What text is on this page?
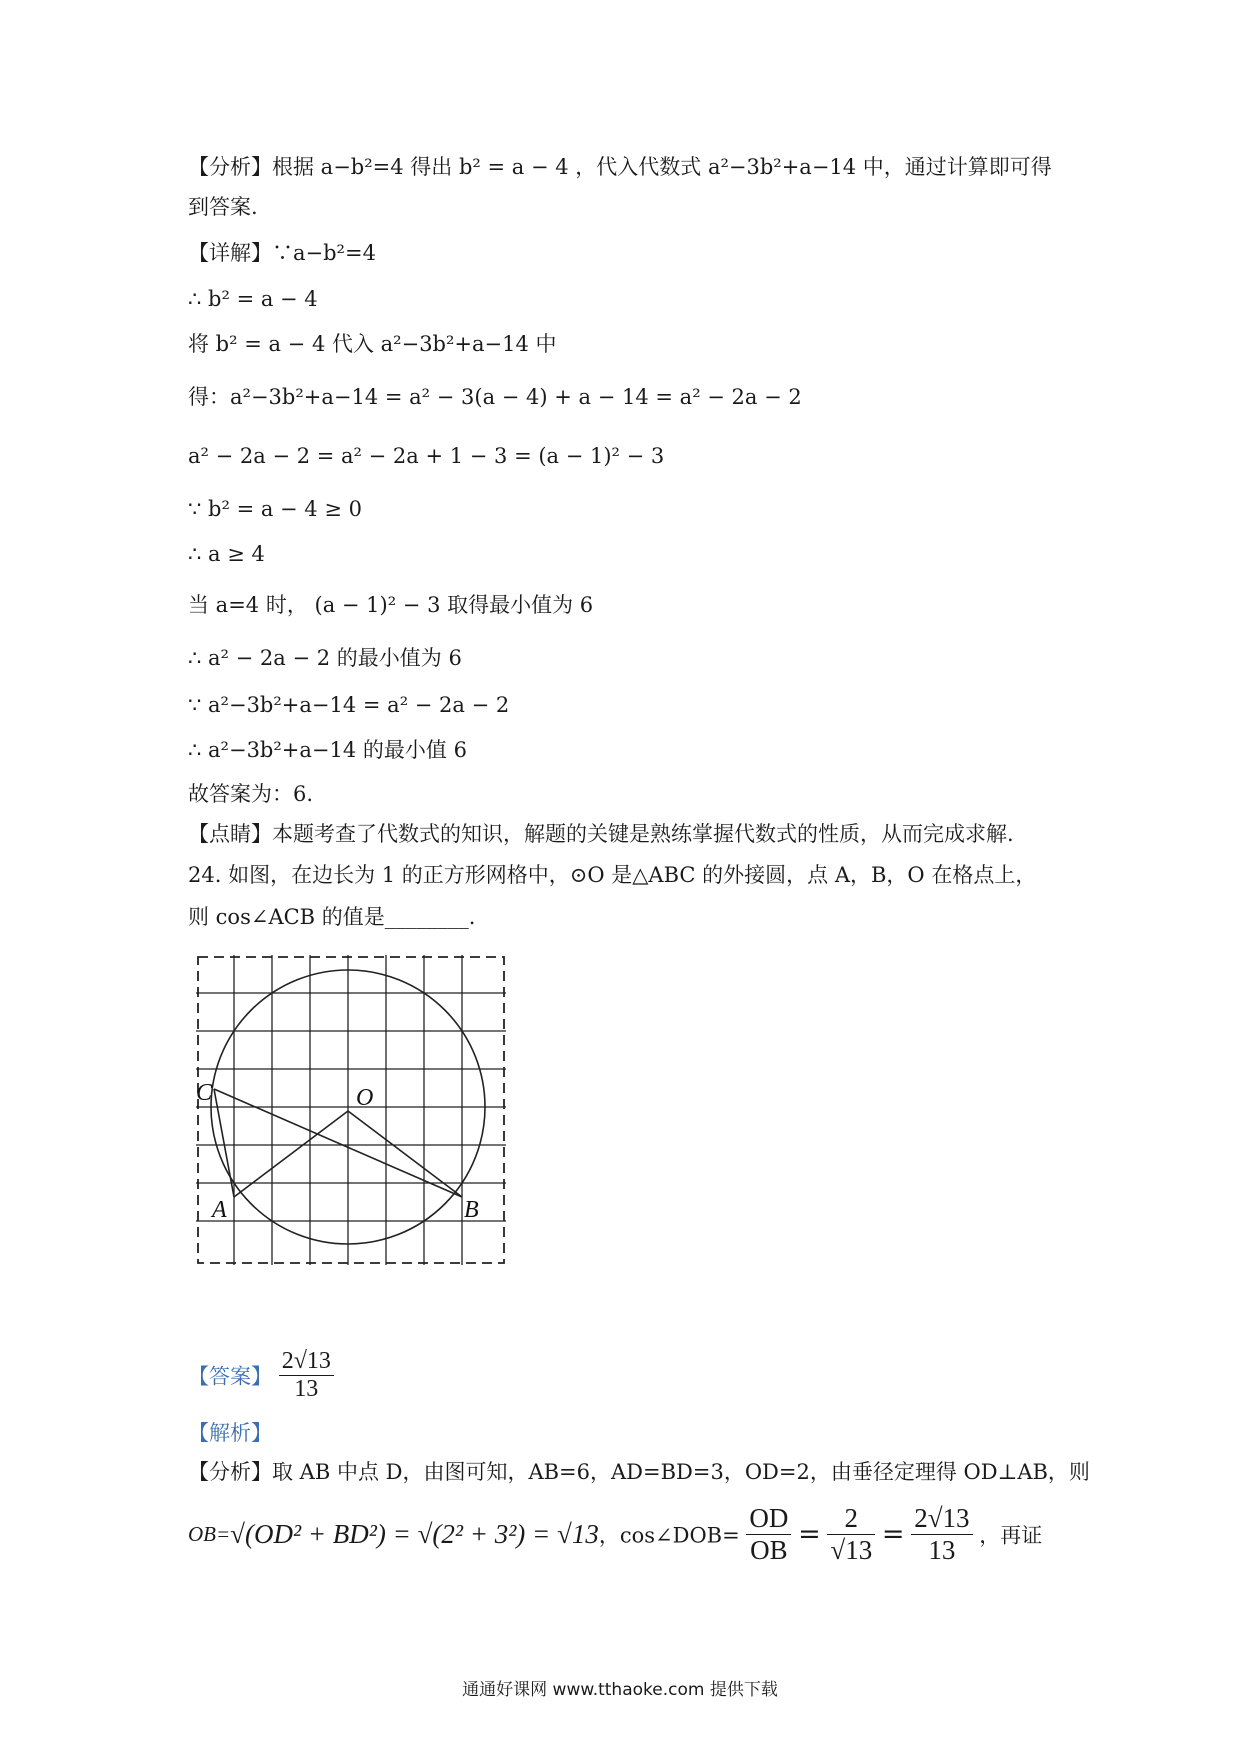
【分析】根据 a−b²=4 得出 b² = a − 4 ，代入代数式 a²−3b²+a−14 中，通过计算即可得
到答案.
【详解】∵a−b²=4
∴ b² = a − 4
将 b² = a − 4 代入 a²−3b²+a−14 中
得：a²−3b²+a−14 = a² − 3(a − 4) + a − 14 = a² − 2a − 2
a² − 2a − 2 = a² − 2a + 1 − 3 = (a − 1)² − 3
∵ b² = a − 4 ≥ 0
∴ a ≥ 4
当 a=4 时， (a − 1)² − 3 取得最小值为 6
∴ a² − 2a − 2 的最小值为 6
∵ a²−3b²+a−14 = a² − 2a − 2
∴ a²−3b²+a−14 的最小值 6
故答案为：6.
【点睛】本题考查了代数式的知识，解题的关键是熟练掌握代数式的性质，从而完成求解.
24. 如图，在边长为 1 的正方形网格中，⊙O 是△ABC 的外接圆，点 A，B，O 在格点上，
则 cos∠ACB 的值是________.
C	O
A	B
【答案】 $\frac{2√13}{13}$
【解析】
【分析】取 AB 中点 D，由图可知，AB=6，AD=BD=3，OD=2，由垂径定理得 OD⊥AB，则
OB=√(OD² + BD²) = √(2² + 3²) = √13，cos∠DOB= $\frac{OD}{OB} = \frac{2}{√13} = \frac{2√13}{13}$ ，再证
通通好课网 www.tthaoke.com 提供下载
